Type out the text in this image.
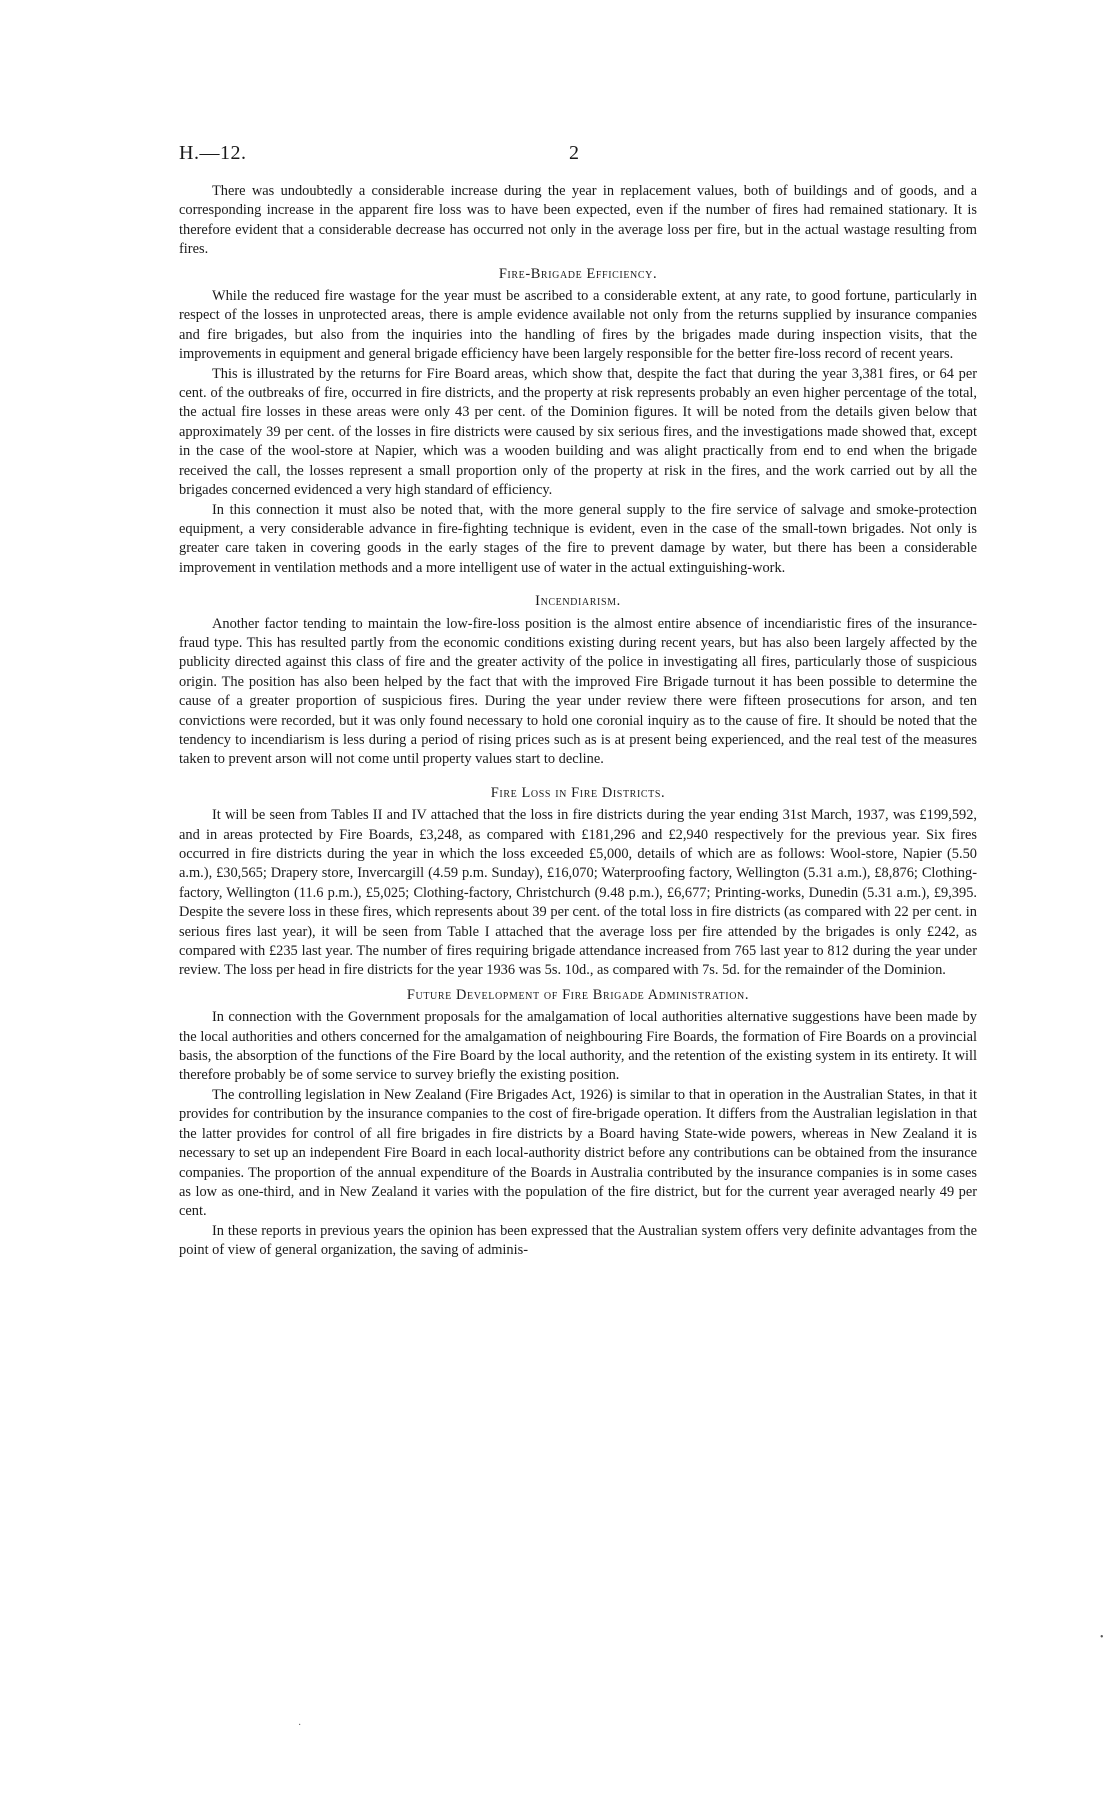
H.—12.	2

There was undoubtedly a considerable increase during the year in replacement values, both of buildings and of goods, and a corresponding increase in the apparent fire loss was to have been expected, even if the number of fires had remained stationary. It is therefore evident that a considerable decrease has occurred not only in the average loss per fire, but in the actual wastage resulting from fires.

Fire-Brigade Efficiency.

While the reduced fire wastage for the year must be ascribed to a considerable extent, at any rate, to good fortune, particularly in respect of the losses in unprotected areas, there is ample evidence available not only from the returns supplied by insurance companies and fire brigades, but also from the inquiries into the handling of fires by the brigades made during inspection visits, that the improvements in equipment and general brigade efficiency have been largely responsible for the better fire-loss record of recent years.

This is illustrated by the returns for Fire Board areas, which show that, despite the fact that during the year 3,381 fires, or 64 per cent. of the outbreaks of fire, occurred in fire districts, and the property at risk represents probably an even higher percentage of the total, the actual fire losses in these areas were only 43 per cent. of the Dominion figures. It will be noted from the details given below that approximately 39 per cent. of the losses in fire districts were caused by six serious fires, and the investigations made showed that, except in the case of the wool-store at Napier, which was a wooden building and was alight practically from end to end when the brigade received the call, the losses represent a small proportion only of the property at risk in the fires, and the work carried out by all the brigades concerned evidenced a very high standard of efficiency.

In this connection it must also be noted that, with the more general supply to the fire service of salvage and smoke-protection equipment, a very considerable advance in fire-fighting technique is evident, even in the case of the small-town brigades. Not only is greater care taken in covering goods in the early stages of the fire to prevent damage by water, but there has been a considerable improvement in ventilation methods and a more intelligent use of water in the actual extinguishing-work.

Incendiarism.

Another factor tending to maintain the low-fire-loss position is the almost entire absence of incendiaristic fires of the insurance-fraud type. This has resulted partly from the economic conditions existing during recent years, but has also been largely affected by the publicity directed against this class of fire and the greater activity of the police in investigating all fires, particularly those of suspicious origin. The position has also been helped by the fact that with the improved Fire Brigade turnout it has been possible to determine the cause of a greater proportion of suspicious fires. During the year under review there were fifteen prosecutions for arson, and ten convictions were recorded, but it was only found necessary to hold one coronial inquiry as to the cause of fire. It should be noted that the tendency to incendiarism is less during a period of rising prices such as is at present being experienced, and the real test of the measures taken to prevent arson will not come until property values start to decline.

Fire Loss in Fire Districts.

It will be seen from Tables II and IV attached that the loss in fire districts during the year ending 31st March, 1937, was £199,592, and in areas protected by Fire Boards, £3,248, as compared with £181,296 and £2,940 respectively for the previous year. Six fires occurred in fire districts during the year in which the loss exceeded £5,000, details of which are as follows: Wool-store, Napier (5.50 a.m.), £30,565; Drapery store, Invercargill (4.59 p.m. Sunday), £16,070; Waterproofing factory, Wellington (5.31 a.m.), £8,876; Clothing-factory, Wellington (11.6 p.m.), £5,025; Clothing-factory, Christchurch (9.48 p.m.), £6,677; Printing-works, Dunedin (5.31 a.m.), £9,395. Despite the severe loss in these fires, which represents about 39 per cent. of the total loss in fire districts (as compared with 22 per cent. in serious fires last year), it will be seen from Table I attached that the average loss per fire attended by the brigades is only £242, as compared with £235 last year. The number of fires requiring brigade attendance increased from 765 last year to 812 during the year under review. The loss per head in fire districts for the year 1936 was 5s. 10d., as compared with 7s. 5d. for the remainder of the Dominion.

Future Development of Fire Brigade Administration.

In connection with the Government proposals for the amalgamation of local authorities alternative suggestions have been made by the local authorities and others concerned for the amalgamation of neighbouring Fire Boards, the formation of Fire Boards on a provincial basis, the absorption of the functions of the Fire Board by the local authority, and the retention of the existing system in its entirety. It will therefore probably be of some service to survey briefly the existing position.

The controlling legislation in New Zealand (Fire Brigades Act, 1926) is similar to that in operation in the Australian States, in that it provides for contribution by the insurance companies to the cost of fire-brigade operation. It differs from the Australian legislation in that the latter provides for control of all fire brigades in fire districts by a Board having State-wide powers, whereas in New Zealand it is necessary to set up an independent Fire Board in each local-authority district before any contributions can be obtained from the insurance companies. The proportion of the annual expenditure of the Boards in Australia contributed by the insurance companies is in some cases as low as one-third, and in New Zealand it varies with the population of the fire district, but for the current year averaged nearly 49 per cent.

In these reports in previous years the opinion has been expressed that the Australian system offers very definite advantages from the point of view of general organization, the saving of adminis-

•
·
